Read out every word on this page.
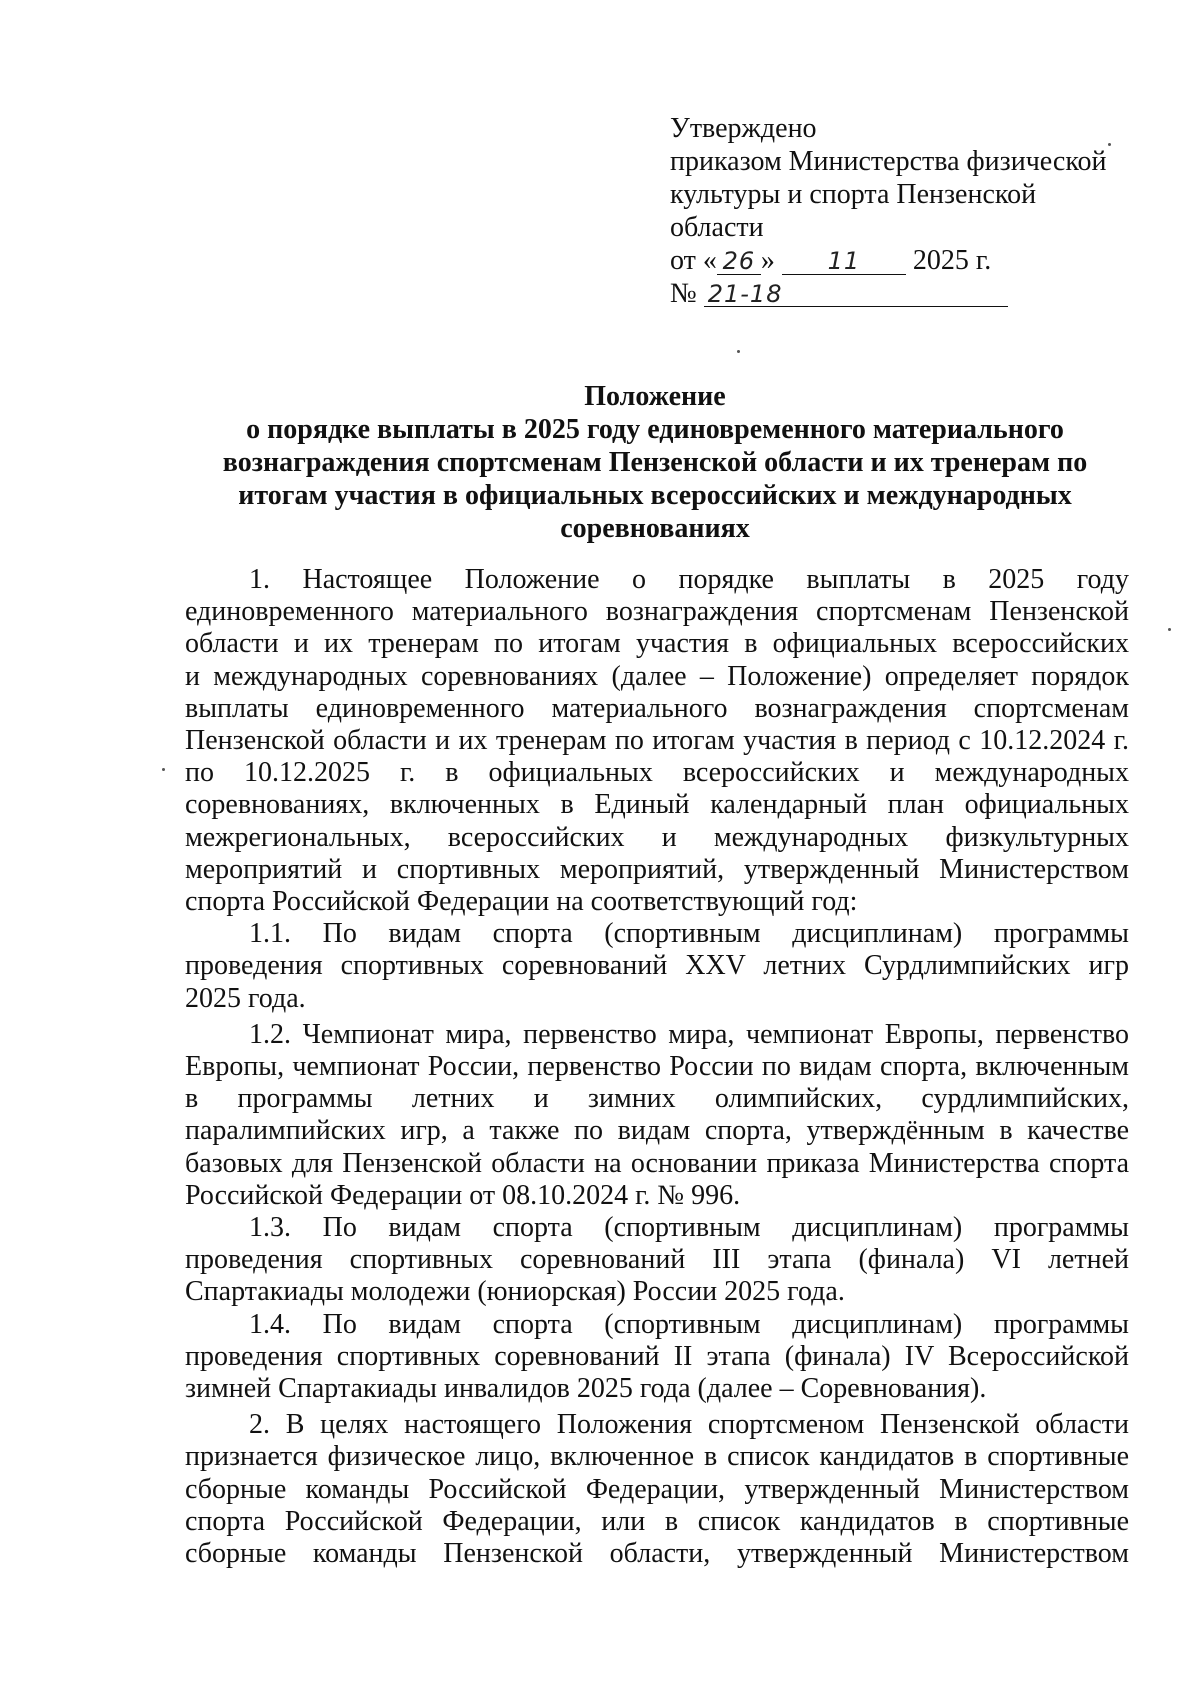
Утверждено
приказом Министерства физической
культуры и спорта Пензенской
области
от « 26 » 11 2025 г.
№ 21-18
Положение
о порядке выплаты в 2025 году единовременного материального
вознаграждения спортсменам Пензенской области и их тренерам по
итогам участия в официальных всероссийских и международных
соревнованиях
1. Настоящее Положение о порядке выплаты в 2025 году
единовременного материального вознаграждения спортсменам Пензенской
области и их тренерам по итогам участия в официальных всероссийских
и международных соревнованиях (далее – Положение) определяет порядок
выплаты единовременного материального вознаграждения спортсменам
Пензенской области и их тренерам по итогам участия в период с 10.12.2024 г.
по 10.12.2025 г. в официальных всероссийских и международных
соревнованиях, включенных в Единый календарный план официальных
межрегиональных, всероссийских и международных физкультурных
мероприятий и спортивных мероприятий, утвержденный Министерством
спорта Российской Федерации на соответствующий год:
1.1. По видам спорта (спортивным дисциплинам) программы
проведения спортивных соревнований XXV летних Сурдлимпийских игр
2025 года.
1.2. Чемпионат мира, первенство мира, чемпионат Европы, первенство
Европы, чемпионат России, первенство России по видам спорта, включенным
в программы летних и зимних олимпийских, сурдлимпийских,
паралимпийских игр, а также по видам спорта, утверждённым в качестве
базовых для Пензенской области на основании приказа Министерства спорта
Российской Федерации от 08.10.2024 г. № 996.
1.3. По видам спорта (спортивным дисциплинам) программы
проведения спортивных соревнований III этапа (финала) VI летней
Спартакиады молодежи (юниорская) России 2025 года.
1.4. По видам спорта (спортивным дисциплинам) программы
проведения спортивных соревнований II этапа (финала) IV Всероссийской
зимней Спартакиады инвалидов 2025 года (далее – Соревнования).
2. В целях настоящего Положения спортсменом Пензенской области
признается физическое лицо, включенное в список кандидатов в спортивные
сборные команды Российской Федерации, утвержденный Министерством
спорта Российской Федерации, или в список кандидатов в спортивные
сборные команды Пензенской области, утвержденный Министерством
